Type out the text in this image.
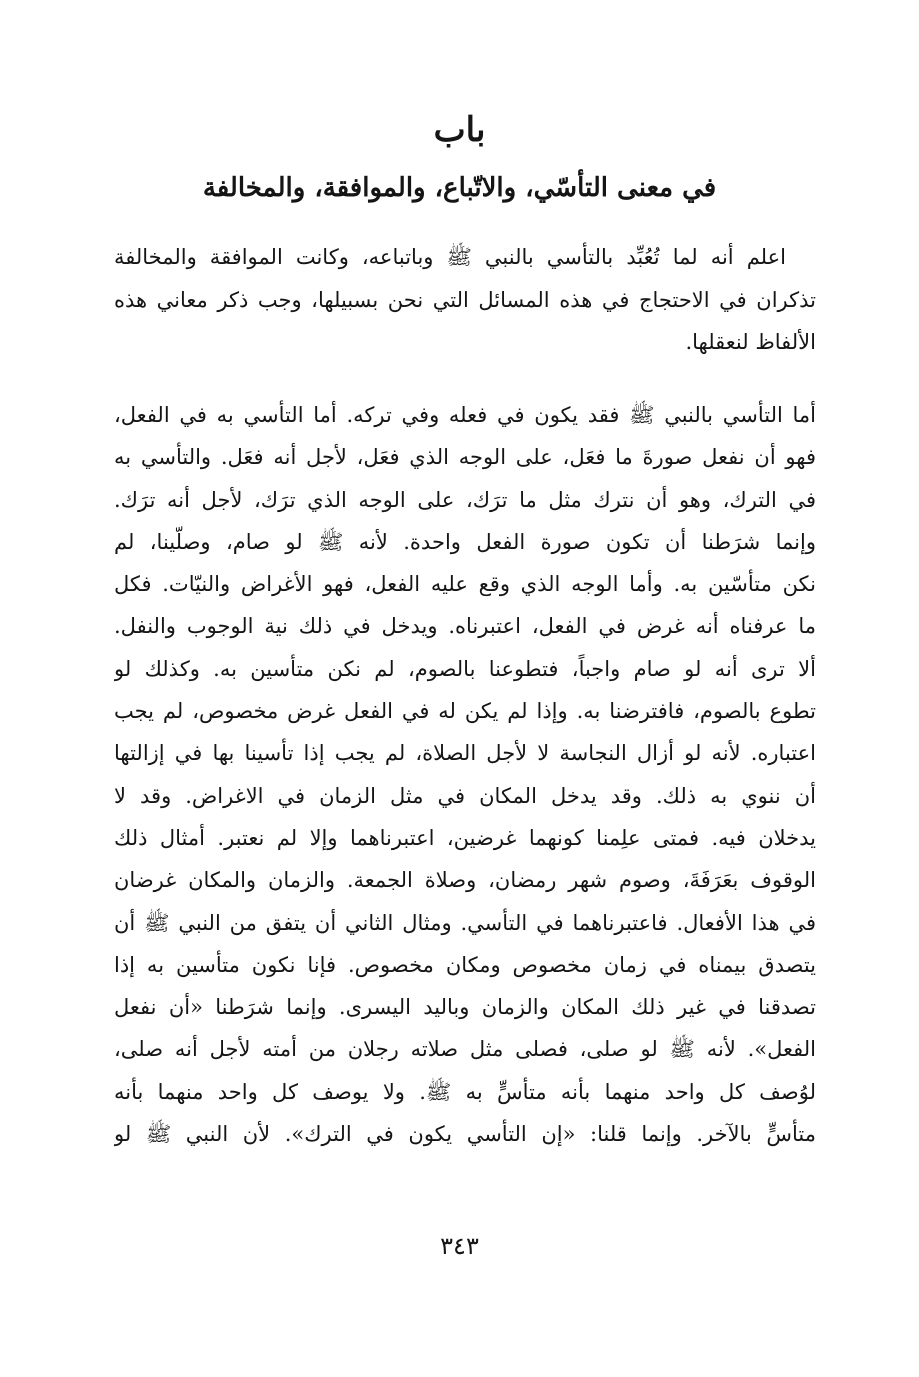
باب
في معنى التأسّي، والاتّباع، والموافقة، والمخالفة
اعلم أنه لما تُعُبِّد بالتأسي بالنبي ﷺ وباتباعه، وكانت الموافقة والمخالفة
تذكران في الاحتجاج في هذه المسائل التي نحن بسبيلها، وجب ذكر معاني هذه
الألفاظ لنعقلها.
أما التأسي بالنبي ﷺ فقد يكون في فعله وفي تركه. أما التأسي به في الفعل،
فهو أن نفعل صورةَ ما فعَل، على الوجه الذي فعَل، لأجل أنه فعَل. والتأسي به
في الترك، وهو أن نترك مثل ما ترَك، على الوجه الذي ترَك، لأجل أنه ترَك.
وإنما شرَطنا أن تكون صورة الفعل واحدة. لأنه ﷺ لو صام، وصلّينا، لم
نكن متأسّين به. وأما الوجه الذي وقع عليه الفعل، فهو الأغراض والنيّات. فكل
ما عرفناه أنه غرض في الفعل، اعتبرناه. ويدخل في ذلك نية الوجوب والنفل.
ألا ترى أنه لو صام واجباً، فتطوعنا بالصوم، لم نكن متأسين به. وكذلك لو
تطوع بالصوم، فافترضنا به. وإذا لم يكن له في الفعل غرض مخصوص، لم يجب
اعتباره. لأنه لو أزال النجاسة لا لأجل الصلاة، لم يجب إذا تأسينا بها في إزالتها
أن ننوي به ذلك. وقد يدخل المكان في مثل الزمان في الاغراض. وقد لا
يدخلان فيه. فمتى علِمنا كونهما غرضين، اعتبرناهما وإلا لم نعتبر. أمثال ذلك
الوقوف بعَرَفَةَ، وصوم شهر رمضان، وصلاة الجمعة. والزمان والمكان غرضان
في هذا الأفعال. فاعتبرناهما في التأسي. ومثال الثاني أن يتفق من النبي ﷺ أن
يتصدق بيمناه في زمان مخصوص ومكان مخصوص. فإنا نكون متأسين به إذا
تصدقنا في غير ذلك المكان والزمان وباليد اليسرى. وإنما شرَطنا «أن نفعل
الفعل». لأنه ﷺ لو صلى، فصلى مثل صلاته رجلان من أمته لأجل أنه صلى،
لوُصف كل واحد منهما بأنه متأسٍّ به ﷺ. ولا يوصف كل واحد منهما بأنه
متأسٍّ بالآخر. وإنما قلنا: «إن التأسي يكون في الترك». لأن النبي ﷺ لو
٣٤٣
